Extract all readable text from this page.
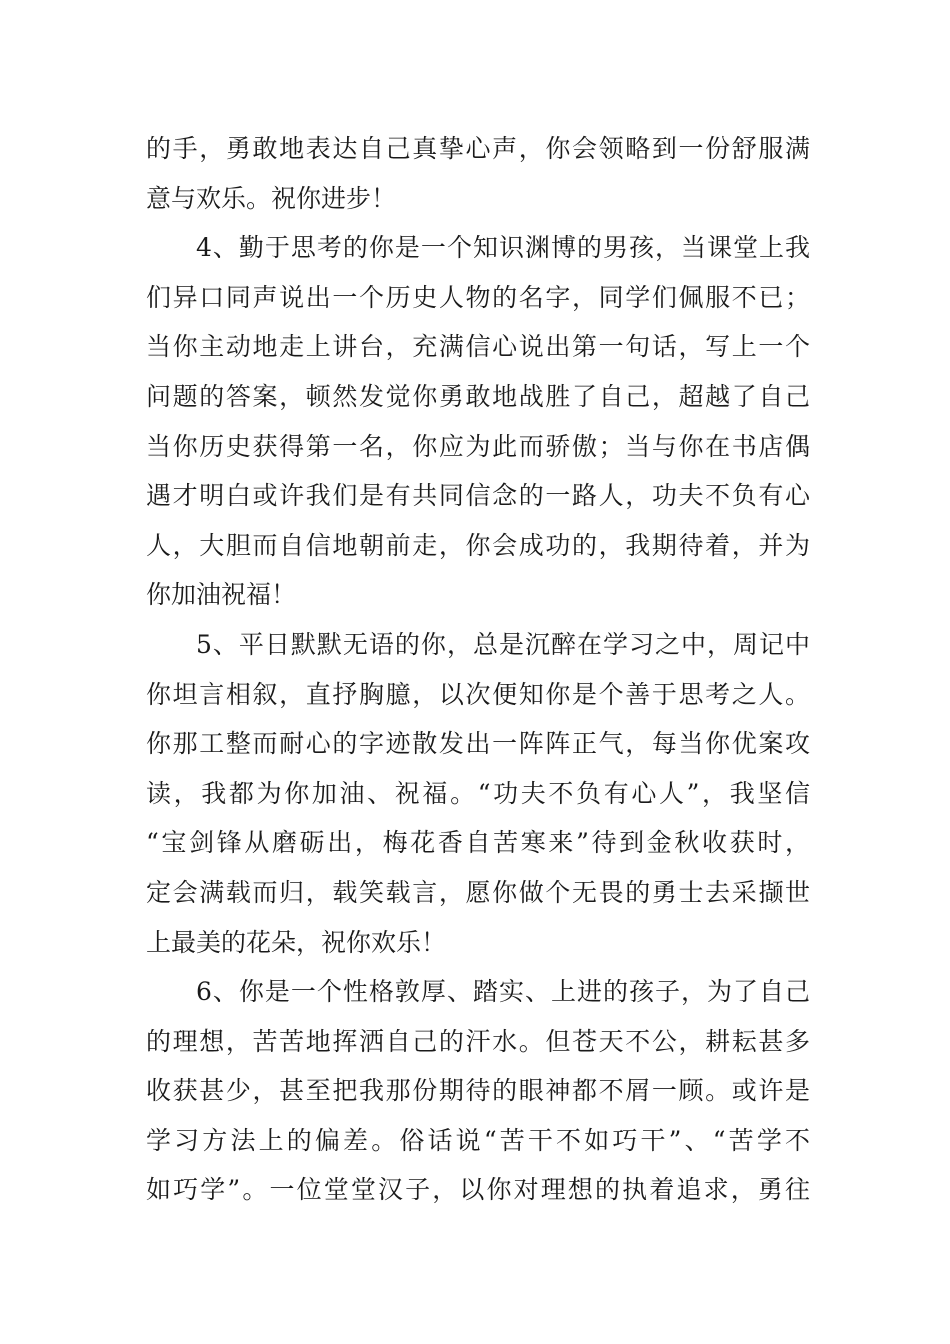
的手，勇敢地表达自己真挚心声，你会领略到一份舒服满
意与欢乐。祝你进步！
4、勤于思考的你是一个知识渊博的男孩，当课堂上我
们异口同声说出一个历史人物的名字，同学们佩服不已；
当你主动地走上讲台，充满信心说出第一句话，写上一个
问题的答案，顿然发觉你勇敢地战胜了自己，超越了自己
当你历史获得第一名，你应为此而骄傲；当与你在书店偶
遇才明白或许我们是有共同信念的一路人，功夫不负有心
人，大胆而自信地朝前走，你会成功的，我期待着，并为
你加油祝福！
5、平日默默无语的你，总是沉醉在学习之中，周记中
你坦言相叙，直抒胸臆，以次便知你是个善于思考之人。
你那工整而耐心的字迹散发出一阵阵正气，每当你优案攻
读，我都为你加油、祝福。“功夫不负有心人”，我坚信
“宝剑锋从磨砺出，梅花香自苦寒来”待到金秋收获时，
定会满载而归，载笑载言，愿你做个无畏的勇士去采撷世
上最美的花朵，祝你欢乐！
6、你是一个性格敦厚、踏实、上进的孩子，为了自己
的理想，苦苦地挥洒自己的汗水。但苍天不公，耕耘甚多
收获甚少，甚至把我那份期待的眼神都不屑一顾。或许是
学习方法上的偏差。俗话说“苦干不如巧干”、“苦学不
如巧学”。一位堂堂汉子，以你对理想的执着追求，勇往
